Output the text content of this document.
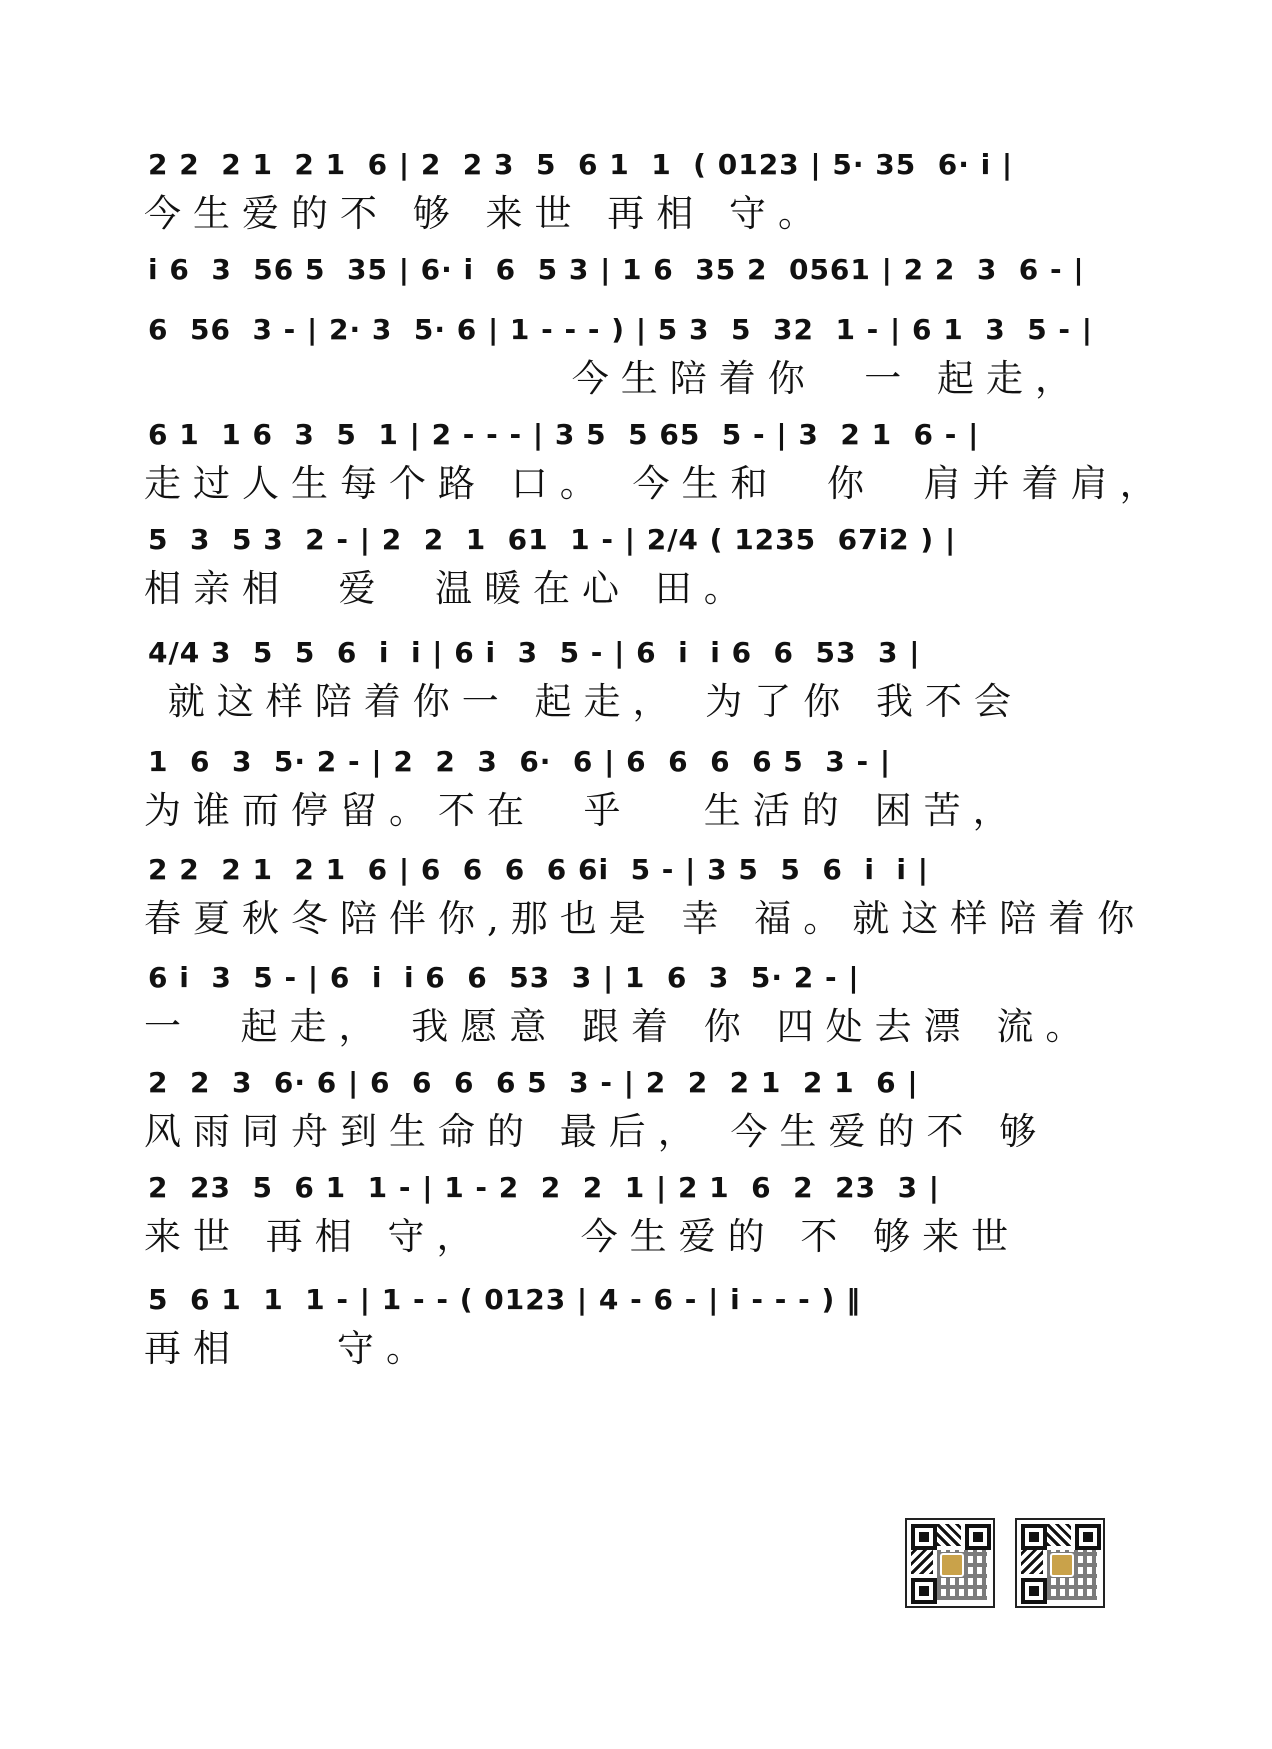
2 2  2 1  2 1  6 | 2  2 3  5  6 1  1  ( 0123 | 5· 35  6· i |
今生爱的不 够 来世 再相 守。
i 6  3  56 5  35 | 6· i  6  5 3 | 1 6  35 2  0561 | 2 2  3  6 - |
6  56  3 - | 2· 3  5· 6 | 1 - - - ) | 5 3  5  32  1 - | 6 1  3  5 - |
今生陪着你  一 起走，
6 1  1 6  3  5  1 | 2 - - - | 3 5  5 65  5 - | 3  2 1  6 - |
走过人生每个路 口。 今生和  你  肩并着肩，
5  3  5 3  2 - | 2  2  1  61  1 - | 2/4 ( 1235  67i2 ) |
相亲相  爱  温暖在心 田。
4/4 3  5  5  6  i  i | 6 i  3  5 - | 6  i  i 6  6  53  3 |
就这样陪着你一 起走， 为了你 我不会
1  6  3  5· 2 - | 2  2  3  6·  6 | 6  6  6  6 5  3 - |
为谁而停留。不在  乎   生活的 困苦，
2 2  2 1  2 1  6 | 6  6  6  6 6i  5 - | 3 5  5  6  i  i |
春夏秋冬陪伴你,那也是 幸 福。就这样陪着你
6 i  3  5 - | 6  i  i 6  6  53  3 | 1  6  3  5· 2 - |
一  起走， 我愿意 跟着 你 四处去漂 流。
2  2  3  6· 6 | 6  6  6  6 5  3 - | 2  2  2 1  2 1  6 |
风雨同舟到生命的 最后， 今生爱的不 够
2  23  5  6 1  1 - | 1 - 2  2  2  1 | 2 1  6  2  23  3 |
来世 再相 守，    今生爱的 不 够来世
5  6 1  1  1 - | 1 - - ( 0123 | 4 - 6 - | i - - - ) ‖
再相    守。
